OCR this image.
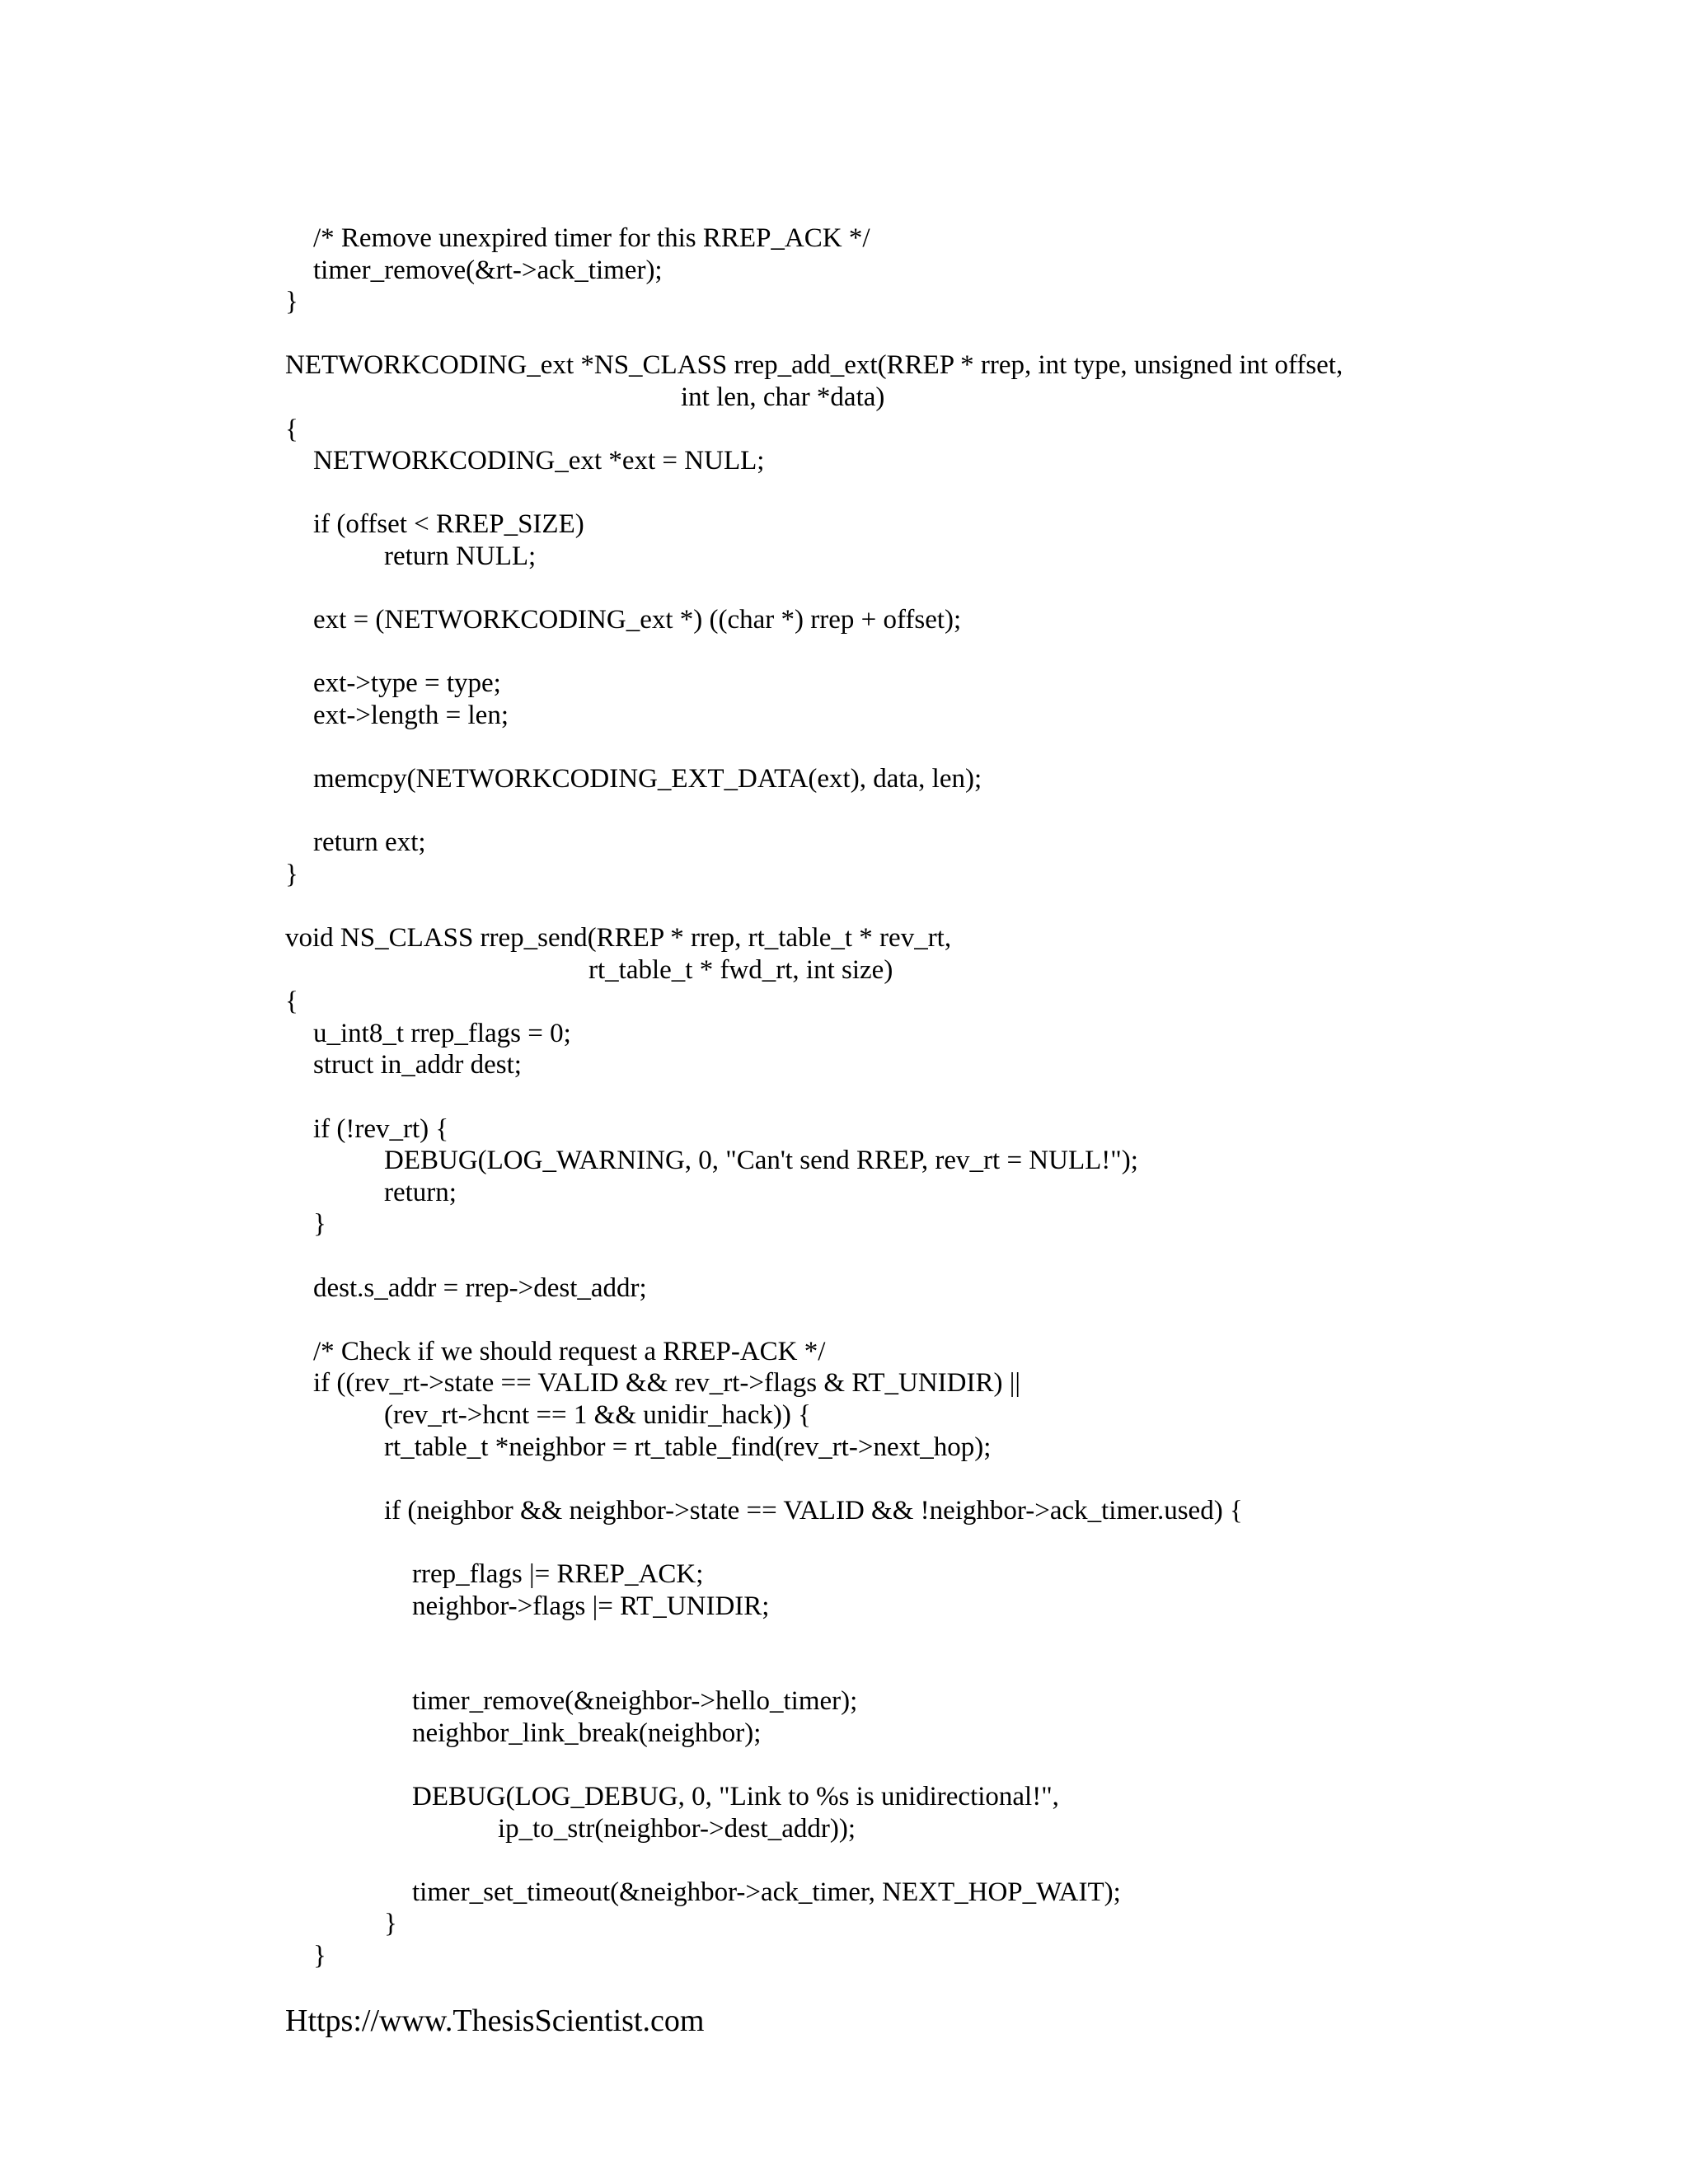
/* Remove unexpired timer for this RREP_ACK */
timer_remove(&rt->ack_timer);
}
NETWORKCODING_ext *NS_CLASS rrep_add_ext(RREP * rrep, int type, unsigned int offset,
int len, char *data)
{
NETWORKCODING_ext *ext = NULL;
if (offset < RREP_SIZE)
return NULL;
ext = (NETWORKCODING_ext *) ((char *) rrep + offset);
ext->type = type;
ext->length = len;
memcpy(NETWORKCODING_EXT_DATA(ext), data, len);
return ext;
}
void NS_CLASS rrep_send(RREP * rrep, rt_table_t * rev_rt,
rt_table_t * fwd_rt, int size)
{
u_int8_t rrep_flags = 0;
struct in_addr dest;
if (!rev_rt) {
DEBUG(LOG_WARNING, 0, "Can't send RREP, rev_rt = NULL!");
return;
}
dest.s_addr = rrep->dest_addr;
/* Check if we should request a RREP-ACK */
if ((rev_rt->state == VALID && rev_rt->flags & RT_UNIDIR) ||
(rev_rt->hcnt == 1 && unidir_hack)) {
rt_table_t *neighbor = rt_table_find(rev_rt->next_hop);
if (neighbor && neighbor->state == VALID && !neighbor->ack_timer.used) {
rrep_flags |= RREP_ACK;
neighbor->flags |= RT_UNIDIR;
timer_remove(&neighbor->hello_timer);
neighbor_link_break(neighbor);
DEBUG(LOG_DEBUG, 0, "Link to %s is unidirectional!",
ip_to_str(neighbor->dest_addr));
timer_set_timeout(&neighbor->ack_timer, NEXT_HOP_WAIT);
}
}
Https://www.ThesisScientist.com
